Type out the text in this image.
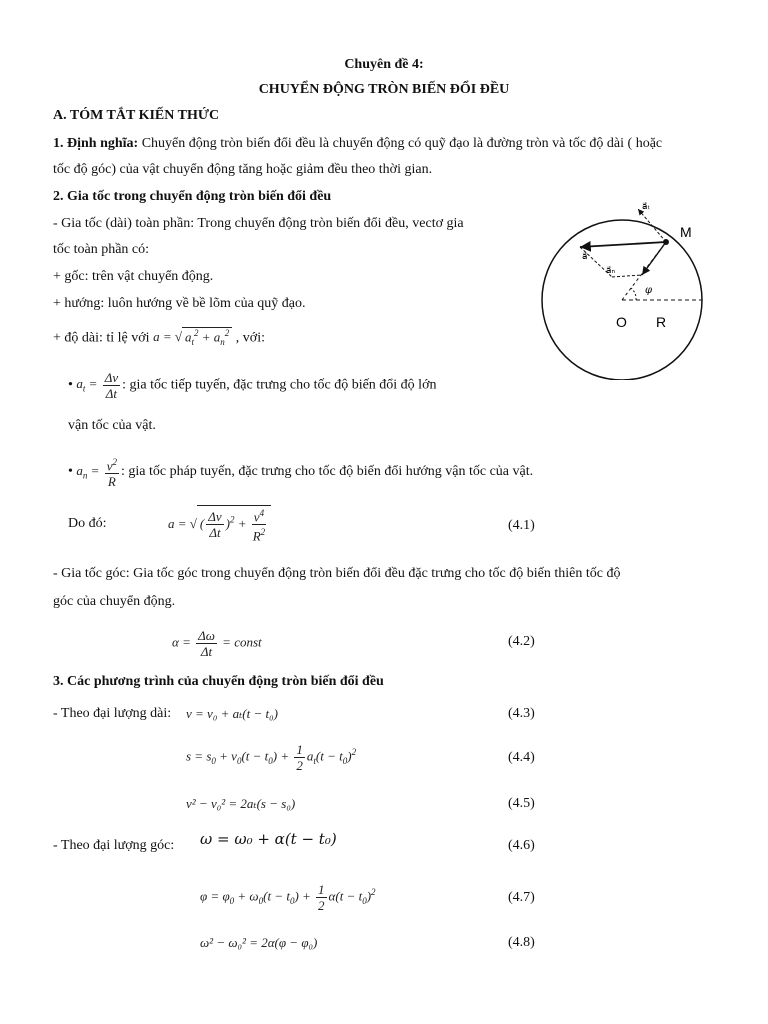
Chuyên đề 4:
CHUYỂN ĐỘNG TRÒN BIẾN ĐỔI ĐỀU
A. TÓM TẮT KIẾN THỨC
1. Định nghĩa: Chuyển động tròn biến đổi đều là chuyển động có quỹ đạo là đường tròn và tốc độ dài ( hoặc
tốc độ góc) của vật chuyển động tăng hoặc giảm đều theo thời gian.
2. Gia tốc trong chuyển động tròn biến đổi đều
- Gia tốc (dài) toàn phần: Trong chuyển động tròn biến đổi đều, vectơ gia
tốc toàn phần có:
+ gốc: trên vật chuyển động.
+ hướng: luôn hướng về bề lõm của quỹ đạo.
+ độ dài: tỉ lệ với a = √ $a_t^2 + a_n^2$ , với:
• $a_t = \frac{\Delta v}{\Delta t}$ : gia tốc tiếp tuyến, đặc trưng cho tốc độ biến đổi độ lớn
vận tốc của vật.
• $a_n = \frac{v^2}{R}$ : gia tốc pháp tuyến, đặc trưng cho tốc độ biến đổi hướng vận tốc của vật.
Do đó:	a = √ ( $\frac{\Delta v}{\Delta t} )^2 + \frac{v^4}{R^2}$	(4.1)
- Gia tốc góc: Gia tốc góc trong chuyển động tròn biến đổi đều đặc trưng cho tốc độ biến thiên tốc độ
góc của chuyển động.
$\alpha = \frac{\Delta\omega}{\Delta t}$ = const	(4.2)
3. Các phương trình của chuyển động tròn biến đổi đều
- Theo đại lượng dài: v = v₀ + aₜ(t − t₀)	(4.3)
$s = s_0 + v_0(t - t_0) + \frac{1}{2} a_t(t - t_0)^2$	(4.4)
v² − v₀² = 2aₜ(s − s₀)	(4.5)
- Theo đại lượng góc: ω = ω₀ + α(t − t₀)	(4.6)
$\varphi = \varphi_0 + \omega_0(t - t_0) + \frac{1}{2} \alpha(t - t_0)^2$	(4.7)
ω² − ω₀² = 2α(φ − φ₀)	(4.8)
M
O R
φ
a⃗
a⃗ₜ
a⃗ₙ
